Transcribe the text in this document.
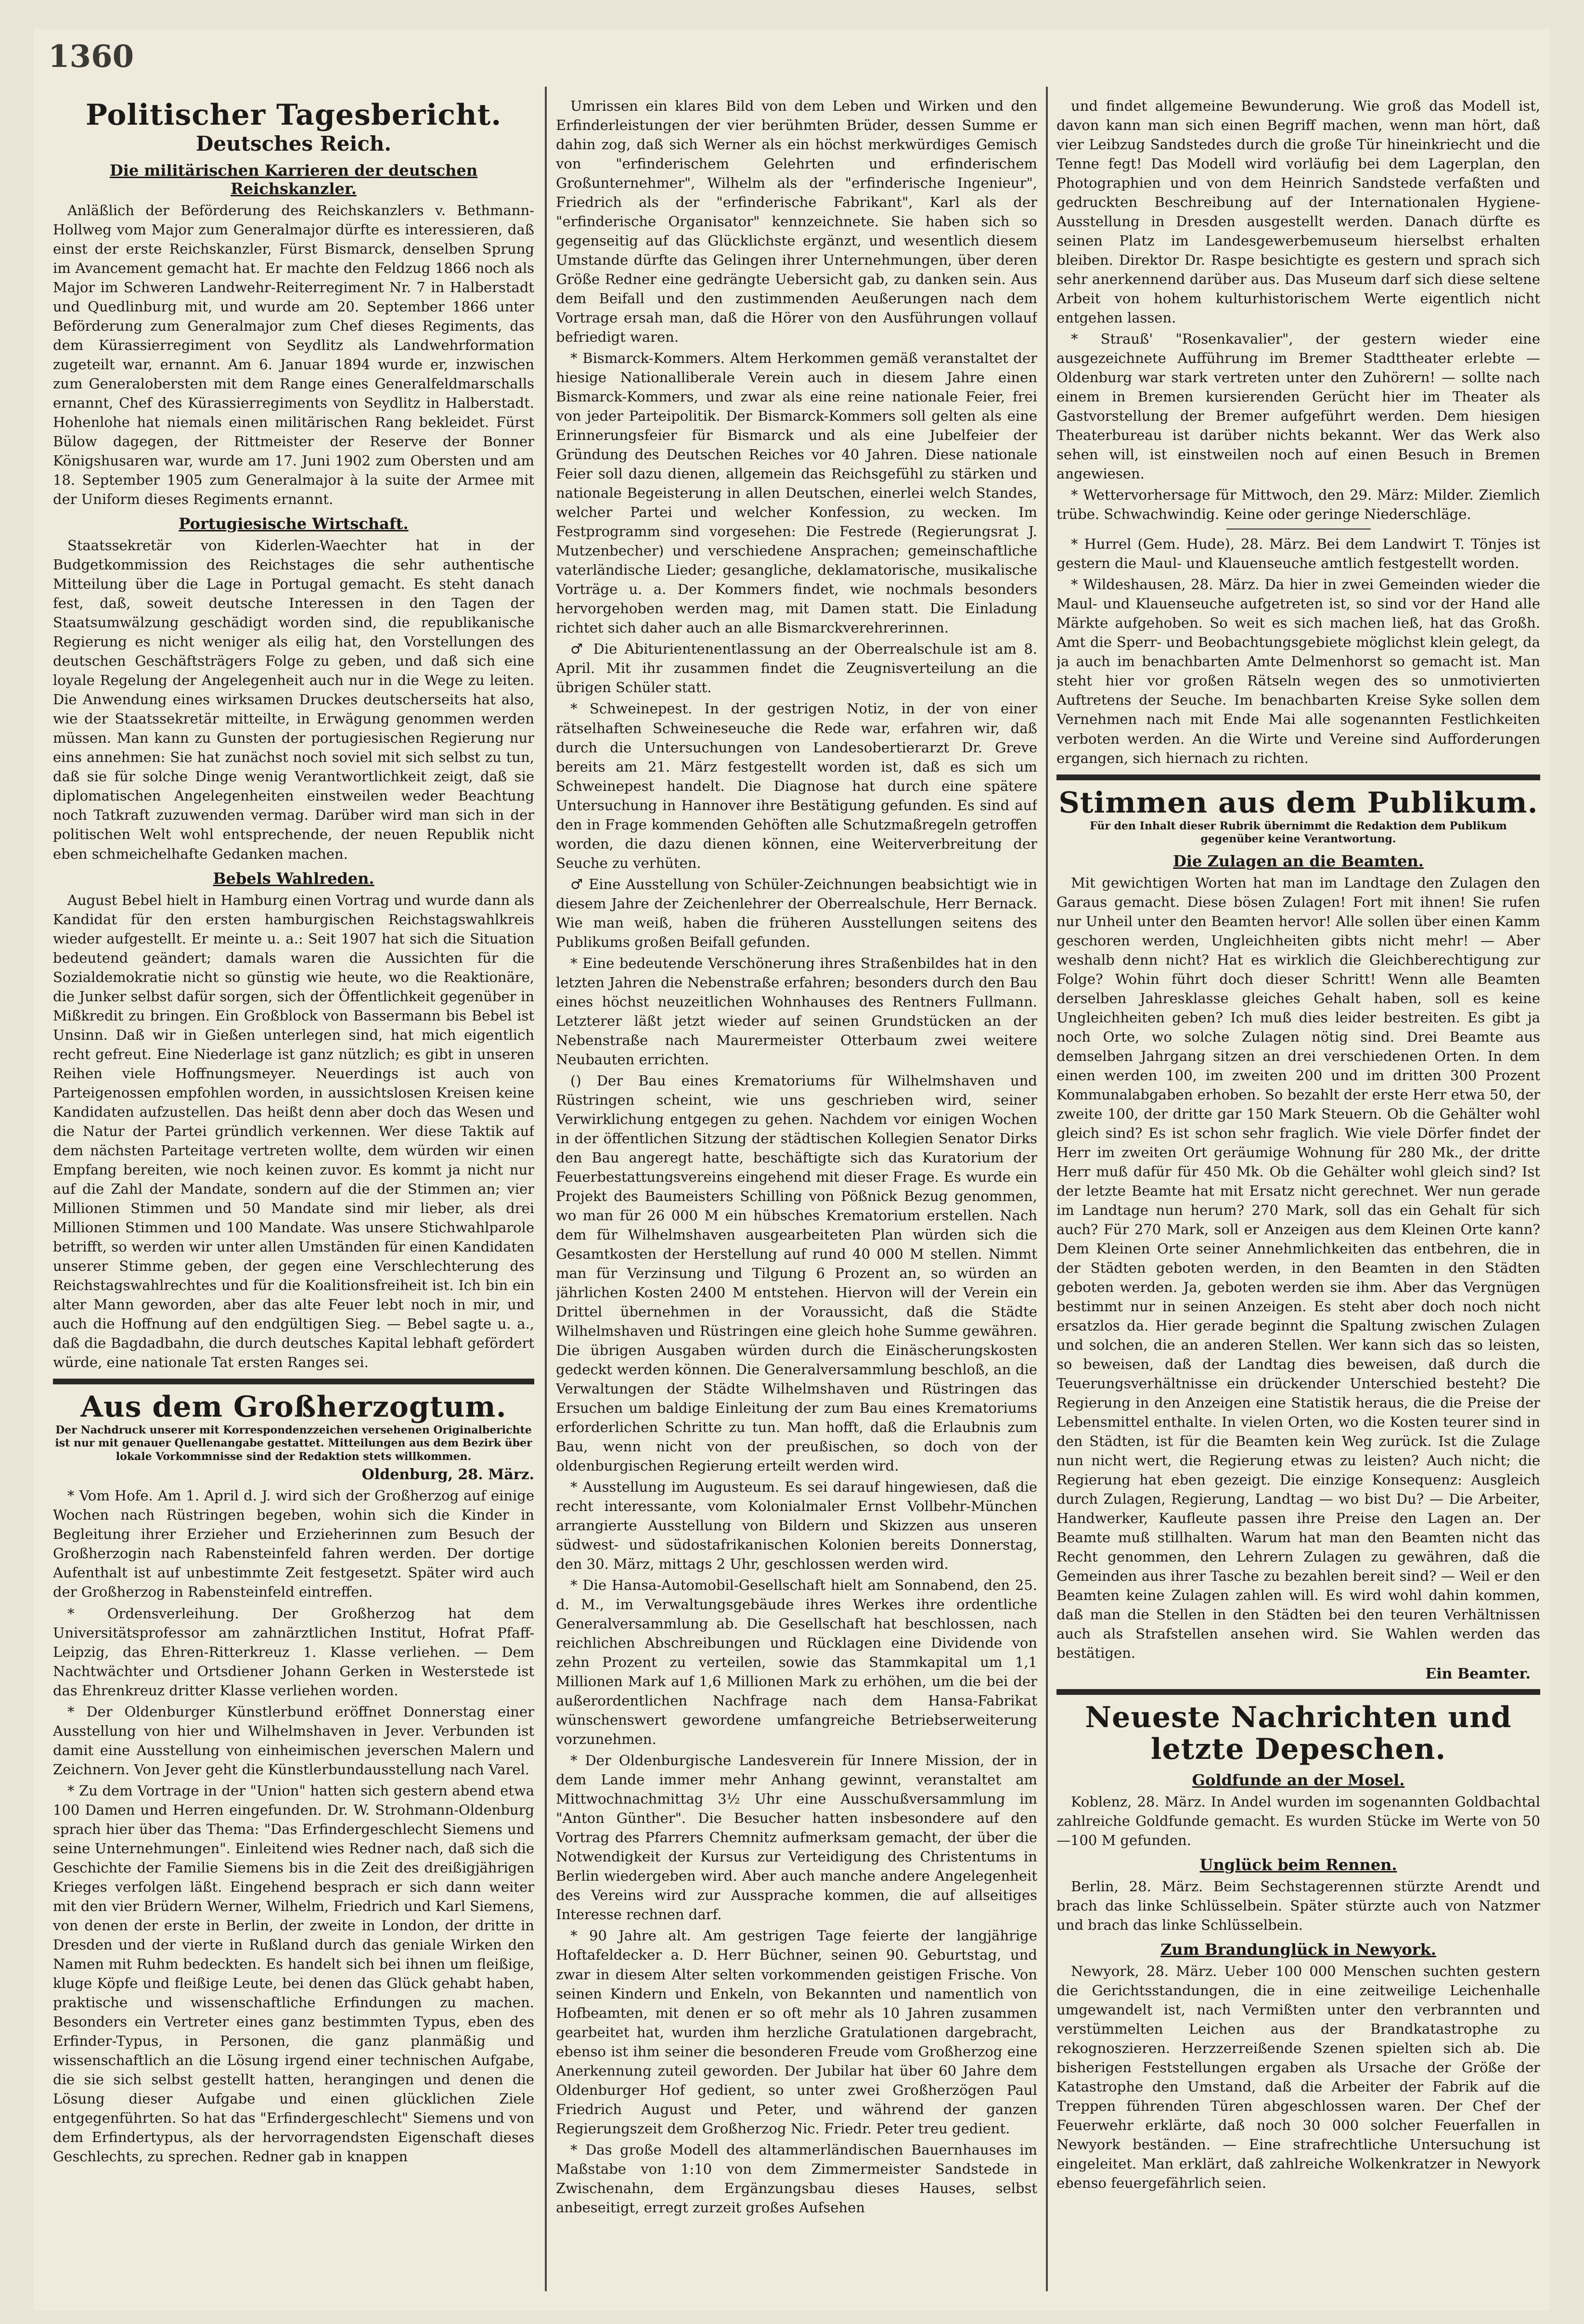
1360
Politischer Tagesbericht.
Deutsches Reich.
Die militärischen Karrieren der deutschen Reichskanzler.

Anläßlich der Beförderung des Reichskanzlers v. Bethmann-Hollweg vom Major zum Generalmajor dürfte es interessieren, daß einst der erste Reichskanzler, Fürst Bismarck, denselben Sprung im Avancement gemacht hat. Er machte den Feldzug 1866 noch als Major im Schweren Landwehr-Reiterregiment Nr. 7 in Halberstadt und Quedlinburg mit, und wurde am 20. September 1866 unter Beförderung zum Generalmajor zum Chef dieses Regiments, das dem Kürassierregiment von Seydlitz als Landwehrformation zugeteilt war, ernannt. Am 6. Januar 1894 wurde er, inzwischen zum Generalobersten mit dem Range eines Generalfeldmarschalls ernannt, Chef des Kürassierregiments von Seydlitz in Halberstadt. Hohenlohe hat niemals einen militärischen Rang bekleidet. Fürst Bülow dagegen, der Rittmeister der Reserve der Bonner Königshusaren war, wurde am 17. Juni 1902 zum Obersten und am 18. September 1905 zum Generalmajor à la suite der Armee mit der Uniform dieses Regiments ernannt.

Portugiesische Wirtschaft.

Staatssekretär von Kiderlen-Waechter hat in der Budgetkommission des Reichstages die sehr authentische Mitteilung über die Lage in Portugal gemacht. Es steht danach fest, daß, soweit deutsche Interessen in den Tagen der Staatsumwälzung geschädigt worden sind, die republikanische Regierung es nicht weniger als eilig hat, den Vorstellungen des deutschen Geschäftsträgers Folge zu geben, und daß sich eine loyale Regelung der Angelegenheit auch nur in die Wege zu leiten. Die Anwendung eines wirksamen Druckes deutscherseits hat also, wie der Staatssekretär mitteilte, in Erwägung genommen werden müssen. Man kann zu Gunsten der portugiesischen Regierung nur eins annehmen: Sie hat zunächst noch soviel mit sich selbst zu tun, daß sie für solche Dinge wenig Verantwortlichkeit zeigt, daß sie diplomatischen Angelegenheiten einstweilen weder Beachtung noch Tatkraft zuzuwenden vermag. Darüber wird man sich in der politischen Welt wohl entsprechende, der neuen Republik nicht eben schmeichelhafte Gedanken machen.

Bebels Wahlreden.

August Bebel hielt in Hamburg einen Vortrag und wurde dann als Kandidat für den ersten hamburgischen Reichstagswahlkreis wieder aufgestellt. Er meinte u. a.: Seit 1907 hat sich die Situation bedeutend geändert; damals waren die Aussichten für die Sozialdemokratie nicht so günstig wie heute, wo die Reaktionäre, die Junker selbst dafür sorgen, sich der Öffentlichkeit gegenüber in Mißkredit zu bringen. Ein Großblock von Bassermann bis Bebel ist Unsinn. Daß wir in Gießen unterlegen sind, hat mich eigentlich recht gefreut. Eine Niederlage ist ganz nützlich; es gibt in unseren Reihen viele Hoffnungsmeyer. Neuerdings ist auch von Parteigenossen empfohlen worden, in aussichtslosen Kreisen keine Kandidaten aufzustellen. Das heißt denn aber doch das Wesen und die Natur der Partei gründlich verkennen. Wer diese Taktik auf dem nächsten Parteitage vertreten wollte, dem würden wir einen Empfang bereiten, wie noch keinen zuvor. Es kommt ja nicht nur auf die Zahl der Mandate, sondern auf die der Stimmen an; vier Millionen Stimmen und 50 Mandate sind mir lieber, als drei Millionen Stimmen und 100 Mandate. Was unsere Stichwahlparole betrifft, so werden wir unter allen Umständen für einen Kandidaten unserer Stimme geben, der gegen eine Verschlechterung des Reichstagswahlrechtes und für die Koalitionsfreiheit ist. Ich bin ein alter Mann geworden, aber das alte Feuer lebt noch in mir, und auch die Hoffnung auf den endgültigen Sieg. — Bebel sagte u. a., daß die Bagdadbahn, die durch deutsches Kapital lebhaft gefördert würde, eine nationale Tat ersten Ranges sei.

Aus dem Großherzogtum.
Der Nachdruck unserer mit Korrespondenzzeichen versehenen Originalberichte ist nur mit genauer Quellenangabe gestattet. Mitteilungen aus dem Bezirk über lokale Vorkommnisse sind der Redaktion stets willkommen.
Oldenburg, 28. März.

* Vom Hofe. Am 1. April d. J. wird sich der Großherzog auf einige Wochen nach Rüstringen begeben, wohin sich die Kinder in Begleitung ihrer Erzieher und Erzieherinnen zum Besuch der Großherzogin nach Rabensteinfeld fahren werden. Der dortige Aufenthalt ist auf unbestimmte Zeit festgesetzt. Später wird auch der Großherzog in Rabensteinfeld eintreffen.

* Ordensverleihung. Der Großherzog hat dem Universitätsprofessor am zahnärztlichen Institut, Hofrat Pfaff-Leipzig, das Ehren-Ritterkreuz 1. Klasse verliehen. — Dem Nachtwächter und Ortsdiener Johann Gerken in Westerstede ist das Ehrenkreuz dritter Klasse verliehen worden.

* Der Oldenburger Künstlerbund eröffnet Donnerstag einer Ausstellung von hier und Wilhelmshaven in Jever. Verbunden ist damit eine Ausstellung von einheimischen jeverschen Malern und Zeichnern. Von Jever geht die Künstlerbundausstellung nach Varel.

* Zu dem Vortrage in der "Union" hatten sich gestern abend etwa 100 Damen und Herren eingefunden. Dr. W. Strohmann-Oldenburg sprach hier über das Thema: "Das Erfindergeschlecht Siemens und seine Unternehmungen". Einleitend wies Redner nach, daß sich die Geschichte der Familie Siemens bis in die Zeit des dreißigjährigen Krieges verfolgen läßt. Eingehend besprach er sich dann weiter mit den vier Brüdern Werner, Wilhelm, Friedrich und Karl Siemens, von denen der erste in Berlin, der zweite in London, der dritte in Dresden und der vierte in Rußland durch das geniale Wirken den Namen mit Ruhm bedeckten. Es handelt sich bei ihnen um fleißige, kluge Köpfe und fleißige Leute, bei denen das Glück gehabt haben, praktische und wissenschaftliche Erfindungen zu machen. Besonders ein Vertreter eines ganz bestimmten Typus, eben des Erfinder-Typus, in Personen, die ganz planmäßig und wissenschaftlich an die Lösung irgend einer technischen Aufgabe, die sie sich selbst gestellt hatten, herangingen und denen die Lösung dieser Aufgabe und einen glücklichen Ziele entgegenführten. So hat das "Erfindergeschlecht" Siemens und von dem Erfindertypus, als der hervorragendsten Eigenschaft dieses Geschlechts, zu sprechen. Redner gab in knappen

Umrissen ein klares Bild von dem Leben und Wirken und den Erfinderleistungen der vier berühmten Brüder, dessen Summe er dahin zog, daß sich Werner als ein höchst merkwürdiges Gemisch von "erfinderischem Gelehrten und erfinderischem Großunternehmer", Wilhelm als der "erfinderische Ingenieur", Friedrich als der "erfinderische Fabrikant", Karl als der "erfinderische Organisator" kennzeichnete. Sie haben sich so gegenseitig auf das Glücklichste ergänzt, und wesentlich diesem Umstande dürfte das Gelingen ihrer Unternehmungen, über deren Größe Redner eine gedrängte Uebersicht gab, zu danken sein. Aus dem Beifall und den zustimmenden Aeußerungen nach dem Vortrage ersah man, daß die Hörer von den Ausführungen vollauf befriedigt waren.

* Bismarck-Kommers. Altem Herkommen gemäß veranstaltet der hiesige Nationalliberale Verein auch in diesem Jahre einen Bismarck-Kommers, und zwar als eine reine nationale Feier, frei von jeder Parteipolitik. Der Bismarck-Kommers soll gelten als eine Erinnerungsfeier für Bismarck und als eine Jubelfeier der Gründung des Deutschen Reiches vor 40 Jahren. Diese nationale Feier soll dazu dienen, allgemein das Reichsgefühl zu stärken und nationale Begeisterung in allen Deutschen, einerlei welch Standes, welcher Partei und welcher Konfession, zu wecken. Im Festprogramm sind vorgesehen: Die Festrede (Regierungsrat J. Mutzenbecher) und verschiedene Ansprachen; gemeinschaftliche vaterländische Lieder; gesangliche, deklamatorische, musikalische Vorträge u. a. Der Kommers findet, wie nochmals besonders hervorgehoben werden mag, mit Damen statt. Die Einladung richtet sich daher auch an alle Bismarckverehrerinnen.

♂ Die Abiturientenentlassung an der Oberrealschule ist am 8. April. Mit ihr zusammen findet die Zeugnisverteilung an die übrigen Schüler statt.

* Schweinepest. In der gestrigen Notiz, in der von einer rätselhaften Schweineseuche die Rede war, erfahren wir, daß durch die Untersuchungen von Landesobertierarzt Dr. Greve bereits am 21. März festgestellt worden ist, daß es sich um Schweinepest handelt. Die Diagnose hat durch eine spätere Untersuchung in Hannover ihre Bestätigung gefunden. Es sind auf den in Frage kommenden Gehöften alle Schutzmaßregeln getroffen worden, die dazu dienen können, eine Weiterverbreitung der Seuche zu verhüten.

♂ Eine Ausstellung von Schüler-Zeichnungen beabsichtigt wie in diesem Jahre der Zeichenlehrer der Oberrealschule, Herr Bernack. Wie man weiß, haben die früheren Ausstellungen seitens des Publikums großen Beifall gefunden.

* Eine bedeutende Verschönerung ihres Straßenbildes hat in den letzten Jahren die Nebenstraße erfahren; besonders durch den Bau eines höchst neuzeitlichen Wohnhauses des Rentners Fullmann. Letzterer läßt jetzt wieder auf seinen Grundstücken an der Nebenstraße nach Maurermeister Otterbaum zwei weitere Neubauten errichten.

() Der Bau eines Krematoriums für Wilhelmshaven und Rüstringen scheint, wie uns geschrieben wird, seiner Verwirklichung entgegen zu gehen. Nachdem vor einigen Wochen in der öffentlichen Sitzung der städtischen Kollegien Senator Dirks den Bau angeregt hatte, beschäftigte sich das Kuratorium der Feuerbestattungsvereins eingehend mit dieser Frage. Es wurde ein Projekt des Baumeisters Schilling von Pößnick Bezug genommen, wo man für 26 000 M ein hübsches Krematorium erstellen. Nach dem für Wilhelmshaven ausgearbeiteten Plan würden sich die Gesamtkosten der Herstellung auf rund 40 000 M stellen. Nimmt man für Verzinsung und Tilgung 6 Prozent an, so würden an jährlichen Kosten 2400 M entstehen. Hiervon will der Verein ein Drittel übernehmen in der Voraussicht, daß die Städte Wilhelmshaven und Rüstringen eine gleich hohe Summe gewähren. Die übrigen Ausgaben würden durch die Einäscherungskosten gedeckt werden können. Die Generalversammlung beschloß, an die Verwaltungen der Städte Wilhelmshaven und Rüstringen das Ersuchen um baldige Einleitung der zum Bau eines Krematoriums erforderlichen Schritte zu tun. Man hofft, daß die Erlaubnis zum Bau, wenn nicht von der preußischen, so doch von der oldenburgischen Regierung erteilt werden wird.

* Ausstellung im Augusteum. Es sei darauf hingewiesen, daß die recht interessante, vom Kolonialmaler Ernst Vollbehr-München arrangierte Ausstellung von Bildern und Skizzen aus unseren südwest- und südostafrikanischen Kolonien bereits Donnerstag, den 30. März, mittags 2 Uhr, geschlossen werden wird.

* Die Hansa-Automobil-Gesellschaft hielt am Sonnabend, den 25. d. M., im Verwaltungsgebäude ihres Werkes ihre ordentliche Generalversammlung ab. Die Gesellschaft hat beschlossen, nach reichlichen Abschreibungen und Rücklagen eine Dividende von zehn Prozent zu verteilen, sowie das Stammkapital um 1,1 Millionen Mark auf 1,6 Millionen Mark zu erhöhen, um die bei der außerordentlichen Nachfrage nach dem Hansa-Fabrikat wünschenswert gewordene umfangreiche Betriebserweiterung vorzunehmen.

* Der Oldenburgische Landesverein für Innere Mission, der in dem Lande immer mehr Anhang gewinnt, veranstaltet am Mittwochnachmittag 3½ Uhr eine Ausschußversammlung im "Anton Günther". Die Besucher hatten insbesondere auf den Vortrag des Pfarrers Chemnitz aufmerksam gemacht, der über die Notwendigkeit der Kursus zur Verteidigung des Christentums in Berlin wiedergeben wird. Aber auch manche andere Angelegenheit des Vereins wird zur Aussprache kommen, die auf allseitiges Interesse rechnen darf.

* 90 Jahre alt. Am gestrigen Tage feierte der langjährige Hoftafeldecker a. D. Herr Büchner, seinen 90. Geburtstag, und zwar in diesem Alter selten vorkommenden geistigen Frische. Von seinen Kindern und Enkeln, von Bekannten und namentlich von Hofbeamten, mit denen er so oft mehr als 10 Jahren zusammen gearbeitet hat, wurden ihm herzliche Gratulationen dargebracht, ebenso ist ihm seiner die besonderen Freude vom Großherzog eine Anerkennung zuteil geworden. Der Jubilar hat über 60 Jahre dem Oldenburger Hof gedient, so unter zwei Großherzögen Paul Friedrich August und Peter, und während der ganzen Regierungszeit dem Großherzog Nic. Friedr. Peter treu gedient.

* Das große Modell des altammerländischen Bauernhauses im Maßstabe von 1:10 von dem Zimmermeister Sandstede in Zwischenahn, dem Ergänzungsbau dieses Hauses, selbst anbeseitigt, erregt zurzeit großes Aufsehen

und findet allgemeine Bewunderung. Wie groß das Modell ist, davon kann man sich einen Begriff machen, wenn man hört, daß vier Leibzug Sandstedes durch die große Tür hineinkriecht und die Tenne fegt! Das Modell wird vorläufig bei dem Lagerplan, den Photographien und von dem Heinrich Sandstede verfaßten und gedruckten Beschreibung auf der Internationalen Hygiene-Ausstellung in Dresden ausgestellt werden. Danach dürfte es seinen Platz im Landesgewerbemuseum hierselbst erhalten bleiben. Direktor Dr. Raspe besichtigte es gestern und sprach sich sehr anerkennend darüber aus. Das Museum darf sich diese seltene Arbeit von hohem kulturhistorischem Werte eigentlich nicht entgehen lassen.

* Strauß' "Rosenkavalier", der gestern wieder eine ausgezeichnete Aufführung im Bremer Stadttheater erlebte — Oldenburg war stark vertreten unter den Zuhörern! — sollte nach einem in Bremen kursierenden Gerücht hier im Theater als Gastvorstellung der Bremer aufgeführt werden. Dem hiesigen Theaterbureau ist darüber nichts bekannt. Wer das Werk also sehen will, ist einstweilen noch auf einen Besuch in Bremen angewiesen.

* Wettervorhersage für Mittwoch, den 29. März: Milder. Ziemlich trübe. Schwachwindig. Keine oder geringe Niederschläge.

* Hurrel (Gem. Hude), 28. März. Bei dem Landwirt T. Tönjes ist gestern die Maul- und Klauenseuche amtlich festgestellt worden.

* Wildeshausen, 28. März. Da hier in zwei Gemeinden wieder die Maul- und Klauenseuche aufgetreten ist, so sind vor der Hand alle Märkte aufgehoben. So weit es sich machen ließ, hat das Großh. Amt die Sperr- und Beobachtungsgebiete möglichst klein gelegt, da ja auch im benachbarten Amte Delmenhorst so gemacht ist. Man steht hier vor großen Rätseln wegen des so unmotivierten Auftretens der Seuche. Im benachbarten Kreise Syke sollen dem Vernehmen nach mit Ende Mai alle sogenannten Festlichkeiten verboten werden. An die Wirte und Vereine sind Aufforderungen ergangen, sich hiernach zu richten.

Stimmen aus dem Publikum.
Für den Inhalt dieser Rubrik übernimmt die Redaktion dem Publikum gegenüber keine Verantwortung.
Die Zulagen an die Beamten.

Mit gewichtigen Worten hat man im Landtage den Zulagen den Garaus gemacht. Diese bösen Zulagen! Fort mit ihnen! Sie rufen nur Unheil unter den Beamten hervor! Alle sollen über einen Kamm geschoren werden, Ungleichheiten gibts nicht mehr! — Aber weshalb denn nicht? Hat es wirklich die Gleichberechtigung zur Folge? Wohin führt doch dieser Schritt! Wenn alle Beamten derselben Jahresklasse gleiches Gehalt haben, soll es keine Ungleichheiten geben? Ich muß dies leider bestreiten. Es gibt ja noch Orte, wo solche Zulagen nötig sind. Drei Beamte aus demselben Jahrgang sitzen an drei verschiedenen Orten. In dem einen werden 100, im zweiten 200 und im dritten 300 Prozent Kommunalabgaben erhoben. So bezahlt der erste Herr etwa 50, der zweite 100, der dritte gar 150 Mark Steuern. Ob die Gehälter wohl gleich sind? Es ist schon sehr fraglich. Wie viele Dörfer findet der Herr im zweiten Ort geräumige Wohnung für 280 Mk., der dritte Herr muß dafür für 450 Mk. Ob die Gehälter wohl gleich sind? Ist der letzte Beamte hat mit Ersatz nicht gerechnet. Wer nun gerade im Landtage nun herum? 270 Mark, soll das ein Gehalt für sich auch? Für 270 Mark, soll er Anzeigen aus dem Kleinen Orte kann? Dem Kleinen Orte seiner Annehmlichkeiten das entbehren, die in der Städten geboten werden, in den Beamten in den Städten geboten werden. Ja, geboten werden sie ihm. Aber das Vergnügen bestimmt nur in seinen Anzeigen. Es steht aber doch noch nicht ersatzlos da. Hier gerade beginnt die Spaltung zwischen Zulagen und solchen, die an anderen Stellen. Wer kann sich das so leisten, so beweisen, daß der Landtag dies beweisen, daß durch die Teuerungsverhältnisse ein drückender Unterschied besteht? Die Regierung in den Anzeigen eine Statistik heraus, die die Preise der Lebensmittel enthalte. In vielen Orten, wo die Kosten teurer sind in den Städten, ist für die Beamten kein Weg zurück. Ist die Zulage nun nicht wert, die Regierung etwas zu leisten? Auch nicht; die Regierung hat eben gezeigt. Die einzige Konsequenz: Ausgleich durch Zulagen, Regierung, Landtag — wo bist Du? — Die Arbeiter, Handwerker, Kaufleute passen ihre Preise den Lagen an. Der Beamte muß stillhalten. Warum hat man den Beamten nicht das Recht genommen, den Lehrern Zulagen zu gewähren, daß die Gemeinden aus ihrer Tasche zu bezahlen bereit sind? — Weil er den Beamten keine Zulagen zahlen will. Es wird wohl dahin kommen, daß man die Stellen in den Städten bei den teuren Verhältnissen auch als Strafstellen ansehen wird. Sie Wahlen werden das bestätigen.

Ein Beamter.
Neueste Nachrichten und letzte Depeschen.
Goldfunde an der Mosel.

Koblenz, 28. März. In Andel wurden im sogenannten Goldbachtal zahlreiche Goldfunde gemacht. Es wurden Stücke im Werte von 50—100 M gefunden.

Unglück beim Rennen.

Berlin, 28. März. Beim Sechstagerennen stürzte Arendt und brach das linke Schlüsselbein. Später stürzte auch von Natzmer und brach das linke Schlüsselbein.

Zum Brandunglück in Newyork.

Newyork, 28. März. Ueber 100 000 Menschen suchten gestern die Gerichtsstandungen, die in eine zeitweilige Leichenhalle umgewandelt ist, nach Vermißten unter den verbrannten und verstümmelten Leichen aus der Brandkatastrophe zu rekognoszieren. Herzzerreißende Szenen spielten sich ab. Die bisherigen Feststellungen ergaben als Ursache der Größe der Katastrophe den Umstand, daß die Arbeiter der Fabrik auf die Treppen führenden Türen abgeschlossen waren. Der Chef der Feuerwehr erklärte, daß noch 30 000 solcher Feuerfallen in Newyork beständen. — Eine strafrechtliche Untersuchung ist eingeleitet. Man erklärt, daß zahlreiche Wolkenkratzer in Newyork ebenso feuergefährlich seien.
